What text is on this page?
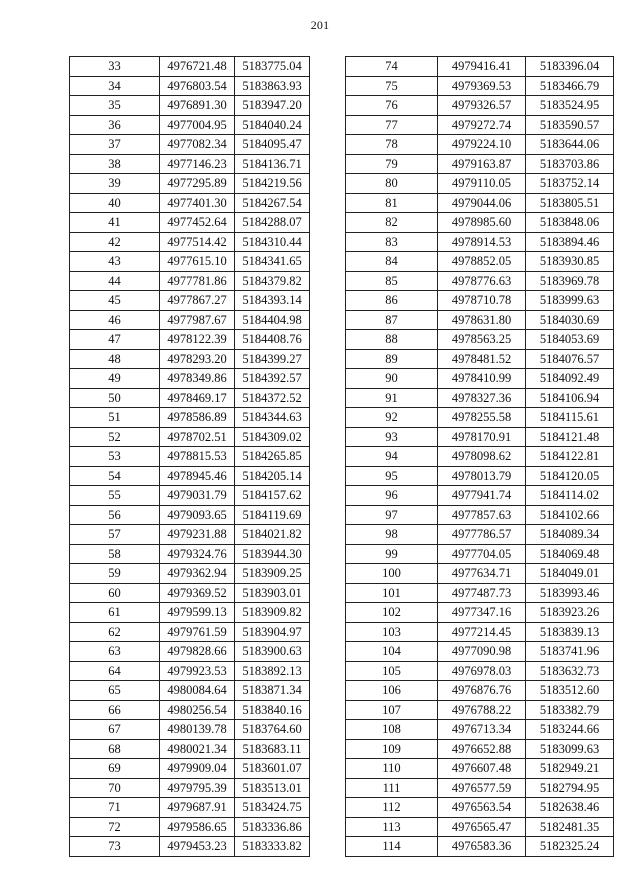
201
33	4976721.48	5183775.04
34	4976803.54	5183863.93
35	4976891.30	5183947.20
36	4977004.95	5184040.24
37	4977082.34	5184095.47
38	4977146.23	5184136.71
39	4977295.89	5184219.56
40	4977401.30	5184267.54
41	4977452.64	5184288.07
42	4977514.42	5184310.44
43	4977615.10	5184341.65
44	4977781.86	5184379.82
45	4977867.27	5184393.14
46	4977987.67	5184404.98
47	4978122.39	5184408.76
48	4978293.20	5184399.27
49	4978349.86	5184392.57
50	4978469.17	5184372.52
51	4978586.89	5184344.63
52	4978702.51	5184309.02
53	4978815.53	5184265.85
54	4978945.46	5184205.14
55	4979031.79	5184157.62
56	4979093.65	5184119.69
57	4979231.88	5184021.82
58	4979324.76	5183944.30
59	4979362.94	5183909.25
60	4979369.52	5183903.01
61	4979599.13	5183909.82
62	4979761.59	5183904.97
63	4979828.66	5183900.63
64	4979923.53	5183892.13
65	4980084.64	5183871.34
66	4980256.54	5183840.16
67	4980139.78	5183764.60
68	4980021.34	5183683.11
69	4979909.04	5183601.07
70	4979795.39	5183513.01
71	4979687.91	5183424.75
72	4979586.65	5183336.86
73	4979453.23	5183333.82
74	4979416.41	5183396.04
75	4979369.53	5183466.79
76	4979326.57	5183524.95
77	4979272.74	5183590.57
78	4979224.10	5183644.06
79	4979163.87	5183703.86
80	4979110.05	5183752.14
81	4979044.06	5183805.51
82	4978985.60	5183848.06
83	4978914.53	5183894.46
84	4978852.05	5183930.85
85	4978776.63	5183969.78
86	4978710.78	5183999.63
87	4978631.80	5184030.69
88	4978563.25	5184053.69
89	4978481.52	5184076.57
90	4978410.99	5184092.49
91	4978327.36	5184106.94
92	4978255.58	5184115.61
93	4978170.91	5184121.48
94	4978098.62	5184122.81
95	4978013.79	5184120.05
96	4977941.74	5184114.02
97	4977857.63	5184102.66
98	4977786.57	5184089.34
99	4977704.05	5184069.48
100	4977634.71	5184049.01
101	4977487.73	5183993.46
102	4977347.16	5183923.26
103	4977214.45	5183839.13
104	4977090.98	5183741.96
105	4976978.03	5183632.73
106	4976876.76	5183512.60
107	4976788.22	5183382.79
108	4976713.34	5183244.66
109	4976652.88	5183099.63
110	4976607.48	5182949.21
111	4976577.59	5182794.95
112	4976563.54	5182638.46
113	4976565.47	5182481.35
114	4976583.36	5182325.24
